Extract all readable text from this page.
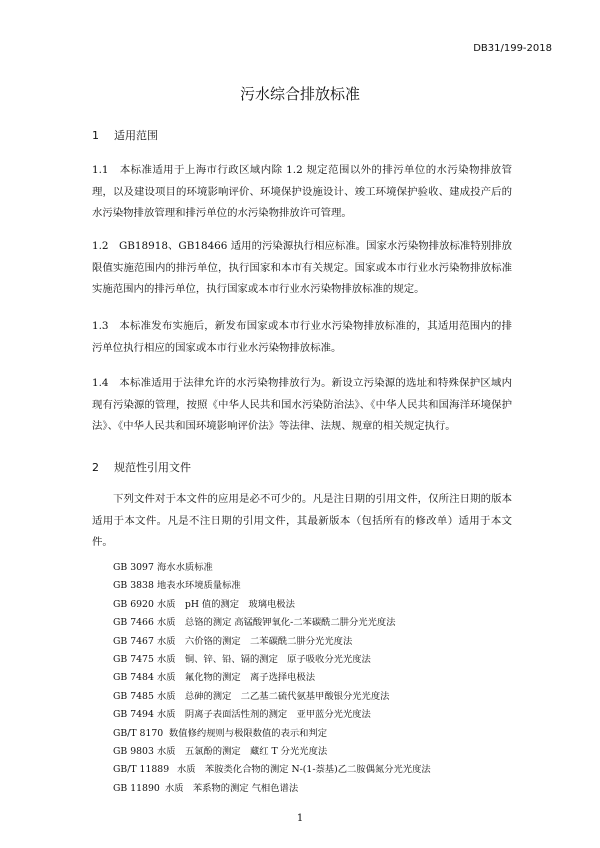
DB31/199-2018
污水综合排放标准
1 适用范围
1.1　本标准适用于上海市行政区域内除 1.2 规定范围以外的排污单位的水污染物排放管理，以及建设项目的环境影响评价、环境保护设施设计、竣工环境保护验收、建成投产后的水污染物排放管理和排污单位的水污染物排放许可管理。
1.2　GB18918、GB18466 适用的污染源执行相应标准。国家水污染物排放标准特别排放限值实施范围内的排污单位，执行国家和本市有关规定。国家或本市行业水污染物排放标准实施范围内的排污单位，执行国家或本市行业水污染物排放标准的规定。
1.3　本标准发布实施后，新发布国家或本市行业水污染物排放标准的，其适用范围内的排污单位执行相应的国家或本市行业水污染物排放标准。
1.4　本标准适用于法律允许的水污染物排放行为。新设立污染源的选址和特殊保护区域内现有污染源的管理，按照《中华人民共和国水污染防治法》、《中华人民共和国海洋环境保护法》、《中华人民共和国环境影响评价法》等法律、法规、规章的相关规定执行。
2 规范性引用文件
下列文件对于本文件的应用是必不可少的。凡是注日期的引用文件，仅所注日期的版本适用于本文件。凡是不注日期的引用文件，其最新版本（包括所有的修改单）适用于本文件。
GB 3097 海水水质标准
GB 3838 地表水环境质量标准
GB 6920 水质　pH 值的测定　玻璃电极法
GB 7466 水质　总铬的测定 高锰酸钾氧化-二苯碳酰二肼分光光度法
GB 7467 水质　六价铬的测定　二苯碳酰二肼分光光度法
GB 7475 水质　铜、锌、铅、镉的测定　原子吸收分光光度法
GB 7484 水质　氟化物的测定　离子选择电极法
GB 7485 水质　总砷的测定　二乙基二硫代氨基甲酸银分光光度法
GB 7494 水质　阴离子表面活性剂的测定　亚甲蓝分光光度法
GB/T 8170 数值修约规则与极限数值的表示和判定
GB 9803 水质　五氯酚的测定　藏红 T 分光光度法
GB/T 11889 水质　苯胺类化合物的测定 N-(1-萘基)乙二胺偶氮分光光度法
GB 11890 水质　苯系物的测定 气相色谱法
1
